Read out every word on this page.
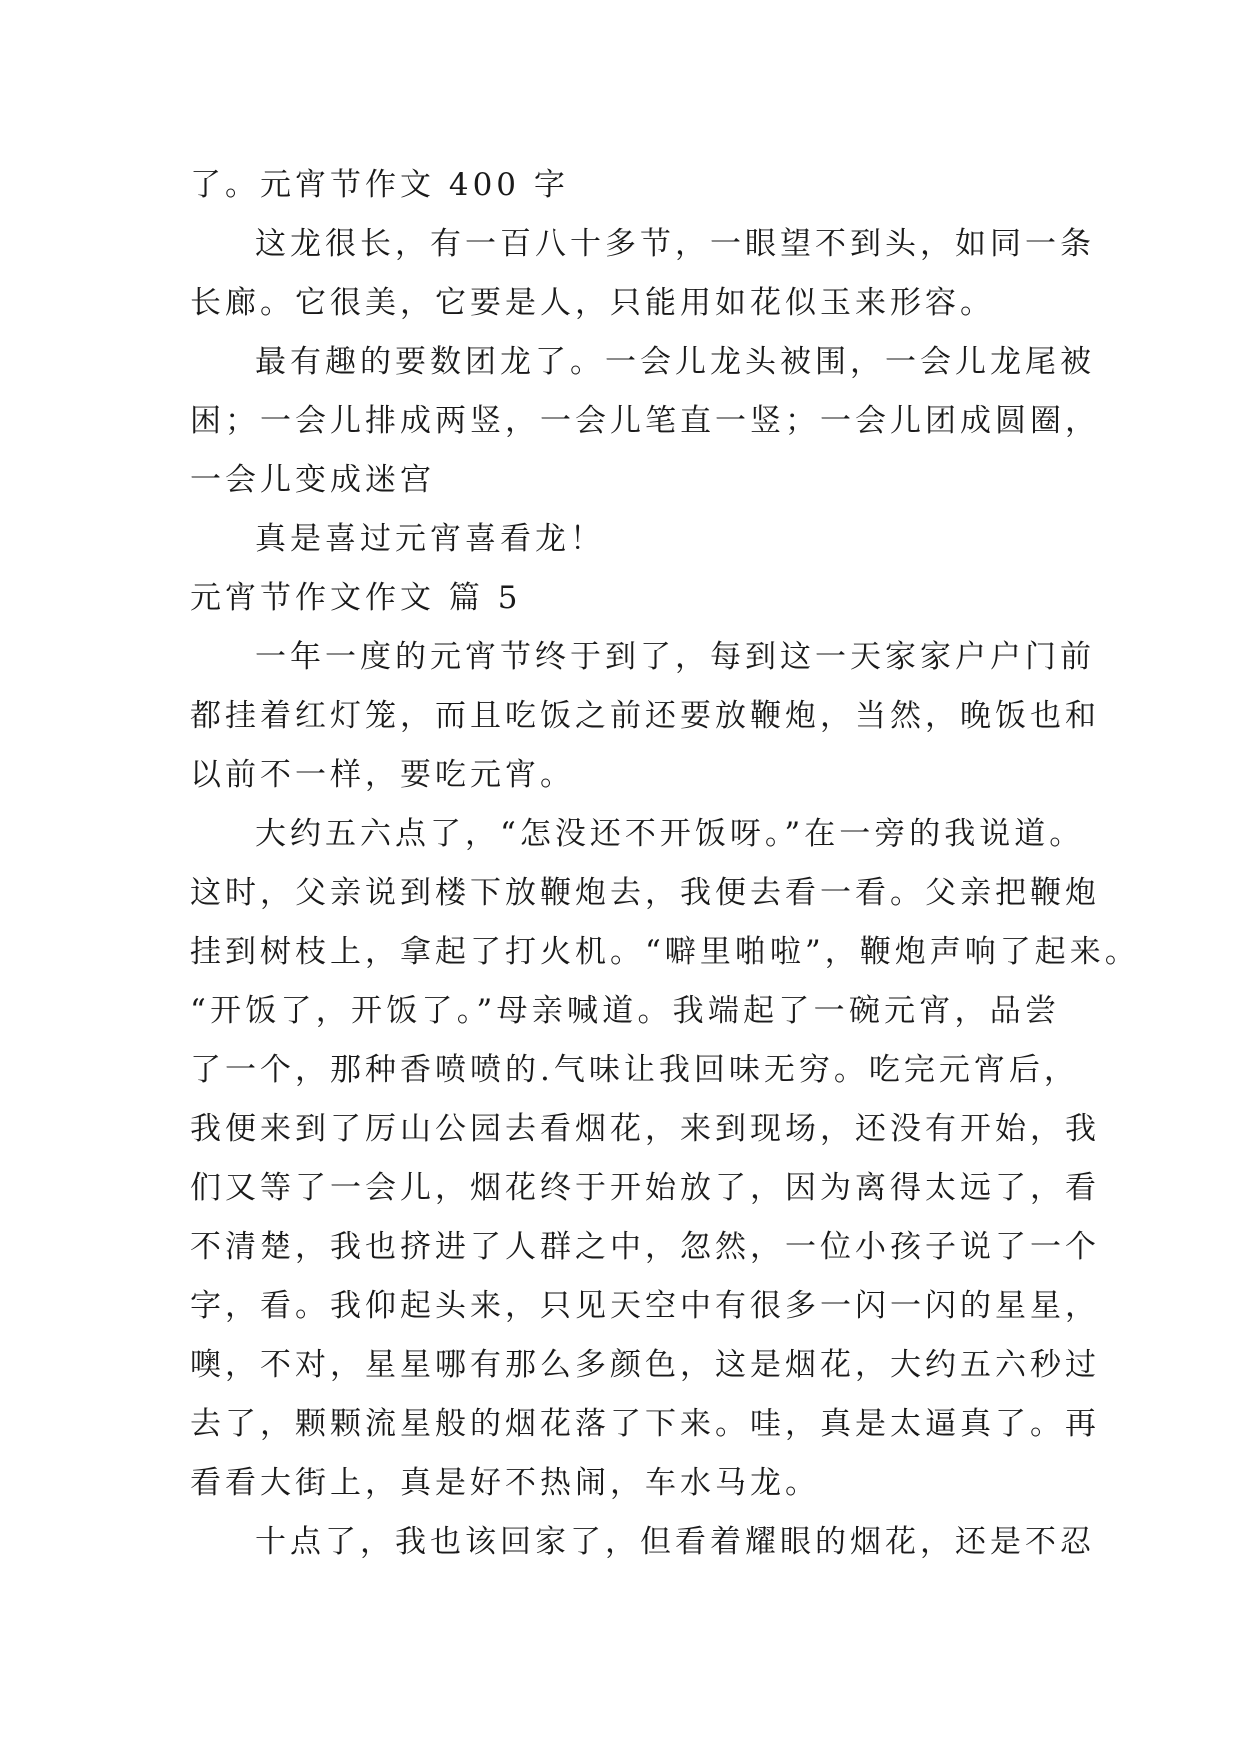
了。元宵节作文 400 字
这龙很长，有一百八十多节，一眼望不到头，如同一条
长廊。它很美，它要是人，只能用如花似玉来形容。
最有趣的要数团龙了。一会儿龙头被围，一会儿龙尾被
困；一会儿排成两竖，一会儿笔直一竖；一会儿团成圆圈，
一会儿变成迷宫
真是喜过元宵喜看龙！
元宵节作文作文 篇 5
一年一度的元宵节终于到了，每到这一天家家户户门前
都挂着红灯笼，而且吃饭之前还要放鞭炮，当然，晚饭也和
以前不一样，要吃元宵。
大约五六点了，“怎没还不开饭呀。”在一旁的我说道。
这时，父亲说到楼下放鞭炮去，我便去看一看。父亲把鞭炮
挂到树枝上，拿起了打火机。“噼里啪啦”，鞭炮声响了起来。
“开饭了，开饭了。”母亲喊道。我端起了一碗元宵，品尝
了一个，那种香喷喷的.气味让我回味无穷。吃完元宵后，
我便来到了厉山公园去看烟花，来到现场，还没有开始，我
们又等了一会儿，烟花终于开始放了，因为离得太远了，看
不清楚，我也挤进了人群之中，忽然，一位小孩子说了一个
字，看。我仰起头来，只见天空中有很多一闪一闪的星星，
噢，不对，星星哪有那么多颜色，这是烟花，大约五六秒过
去了，颗颗流星般的烟花落了下来。哇，真是太逼真了。再
看看大街上，真是好不热闹，车水马龙。
十点了，我也该回家了，但看着耀眼的烟花，还是不忍
